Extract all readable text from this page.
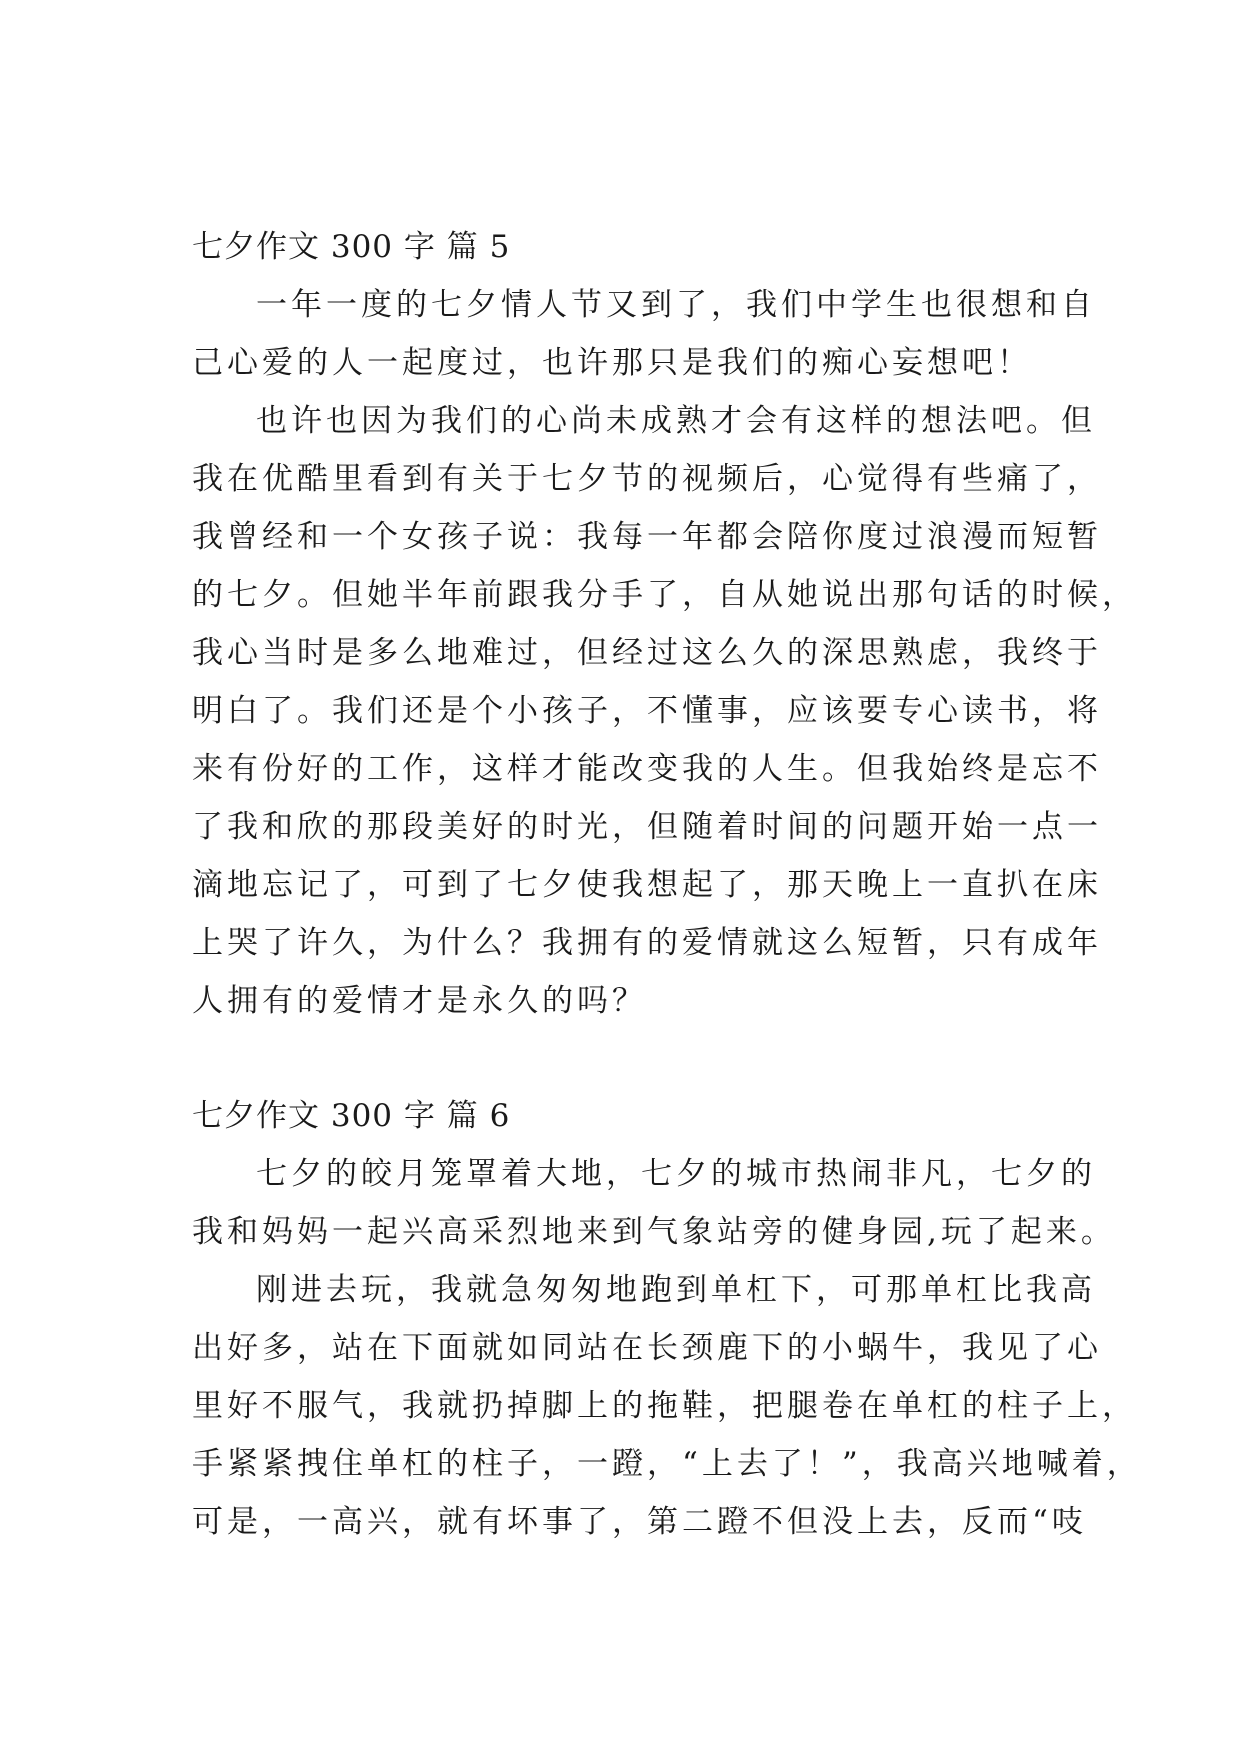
七夕作文 300 字 篇 5
一年一度的七夕情人节又到了，我们中学生也很想和自
己心爱的人一起度过，也许那只是我们的痴心妄想吧！
也许也因为我们的心尚未成熟才会有这样的想法吧。但
我在优酷里看到有关于七夕节的视频后，心觉得有些痛了，
我曾经和一个女孩子说：我每一年都会陪你度过浪漫而短暂
的七夕。但她半年前跟我分手了，自从她说出那句话的时候，
我心当时是多么地难过，但经过这么久的深思熟虑，我终于
明白了。我们还是个小孩子，不懂事，应该要专心读书，将
来有份好的工作，这样才能改变我的人生。但我始终是忘不
了我和欣的那段美好的时光，但随着时间的问题开始一点一
滴地忘记了，可到了七夕使我想起了，那天晚上一直扒在床
上哭了许久，为什么？我拥有的爱情就这么短暂，只有成年
人拥有的爱情才是永久的吗？
七夕作文 300 字 篇 6
七夕的皎月笼罩着大地，七夕的城市热闹非凡，七夕的
我和妈妈一起兴高采烈地来到气象站旁的健身园,玩了起来。
刚进去玩，我就急匆匆地跑到单杠下，可那单杠比我高
出好多，站在下面就如同站在长颈鹿下的小蜗牛，我见了心
里好不服气，我就扔掉脚上的拖鞋，把腿卷在单杠的柱子上，
手紧紧拽住单杠的柱子，一蹬，“上去了！”，我高兴地喊着，
可是，一高兴，就有坏事了，第二蹬不但没上去，反而“吱
